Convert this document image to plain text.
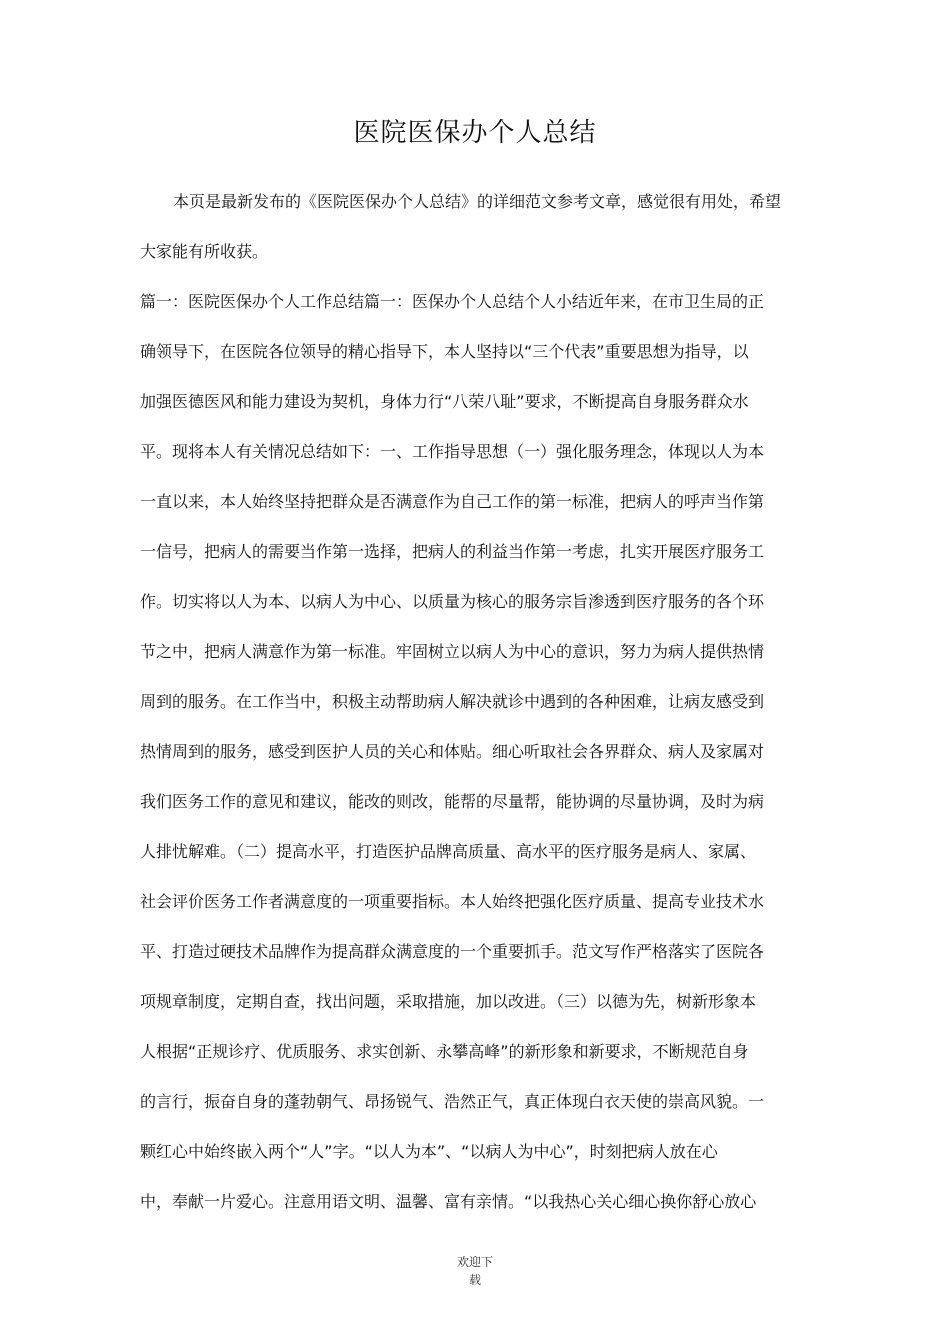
医院医保办个人总结
本页是最新发布的《医院医保办个人总结》的详细范文参考文章，感觉很有用处，希望
大家能有所收获。
篇一：医院医保办个人工作总结篇一：医保办个人总结个人小结近年来，在市卫生局的正
确领导下，在医院各位领导的精心指导下，本人坚持以“三个代表”重要思想为指导，以
加强医德医风和能力建设为契机，身体力行“八荣八耻”要求，不断提高自身服务群众水
平。现将本人有关情况总结如下：一、工作指导思想（一）强化服务理念，体现以人为本
一直以来，本人始终坚持把群众是否满意作为自己工作的第一标准，把病人的呼声当作第
一信号，把病人的需要当作第一选择，把病人的利益当作第一考虑，扎实开展医疗服务工
作。切实将以人为本、以病人为中心、以质量为核心的服务宗旨渗透到医疗服务的各个环
节之中，把病人满意作为第一标准。牢固树立以病人为中心的意识，努力为病人提供热情
周到的服务。在工作当中，积极主动帮助病人解决就诊中遇到的各种困难，让病友感受到
热情周到的服务，感受到医护人员的关心和体贴。细心听取社会各界群众、病人及家属对
我们医务工作的意见和建议，能改的则改，能帮的尽量帮，能协调的尽量协调，及时为病
人排忧解难。（二）提高水平，打造医护品牌高质量、高水平的医疗服务是病人、家属、
社会评价医务工作者满意度的一项重要指标。本人始终把强化医疗质量、提高专业技术水
平、打造过硬技术品牌作为提高群众满意度的一个重要抓手。范文写作严格落实了医院各
项规章制度，定期自查，找出问题，采取措施，加以改进。（三）以德为先，树新形象本
人根据“正规诊疗、优质服务、求实创新、永攀高峰”的新形象和新要求，不断规范自身
的言行，振奋自身的蓬勃朝气、昂扬锐气、浩然正气，真正体现白衣天使的崇高风貌。一
颗红心中始终嵌入两个“人”字。“以人为本”、“以病人为中心”，时刻把病人放在心
中，奉献一片爱心。注意用语文明、温馨、富有亲情。“以我热心关心细心换你舒心放心
欢迎下
载
